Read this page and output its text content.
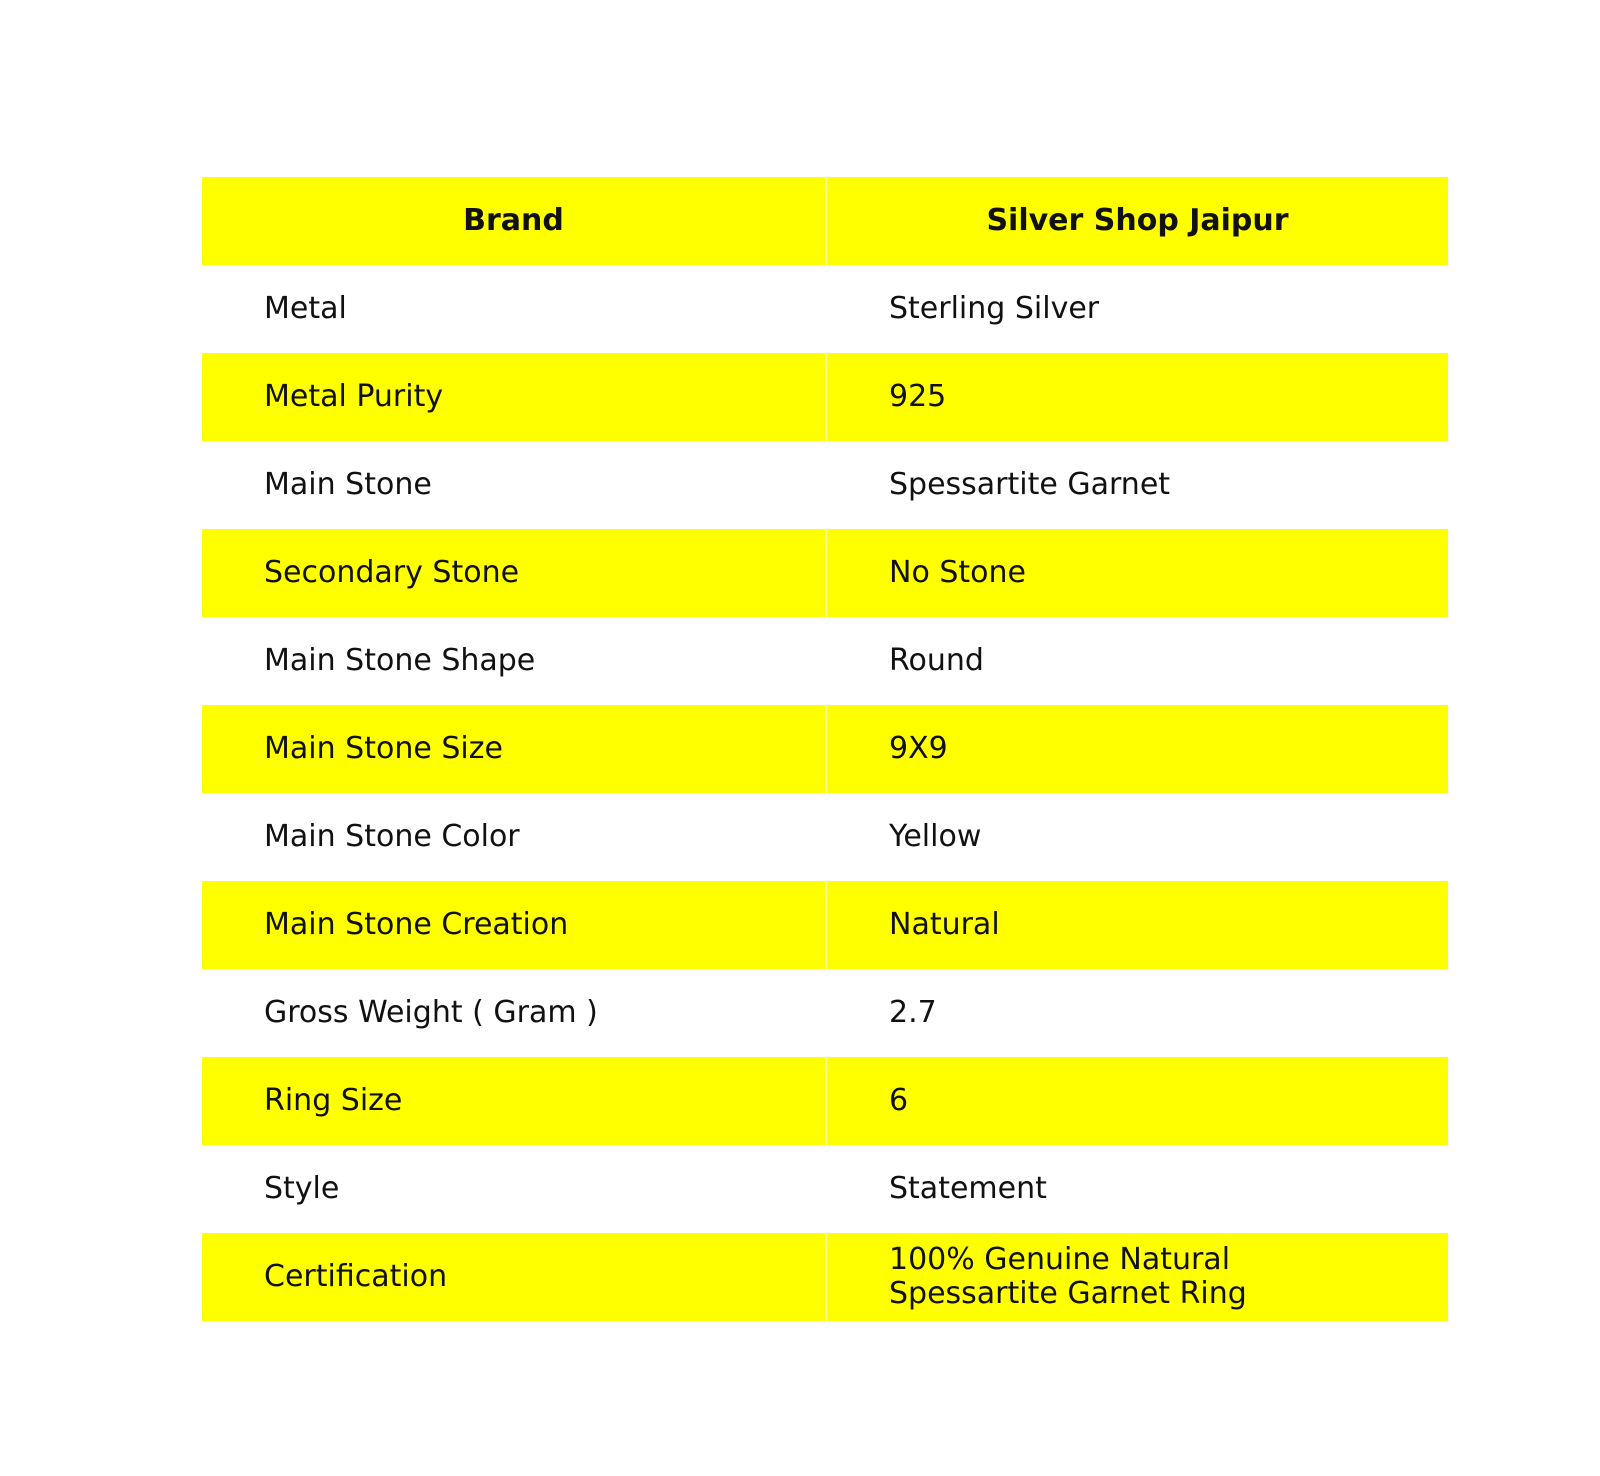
Brand	Silver Shop Jaipur
Metal	Sterling Silver
Metal Purity	925
Main Stone	Spessartite Garnet
Secondary Stone	No Stone
Main Stone Shape	Round
Main Stone Size	9X9
Main Stone Color	Yellow
Main Stone Creation	Natural
Gross Weight ( Gram )	2.7
Ring Size	6
Style	Statement
Certification	100% Genuine Natural Spessartite Garnet Ring
